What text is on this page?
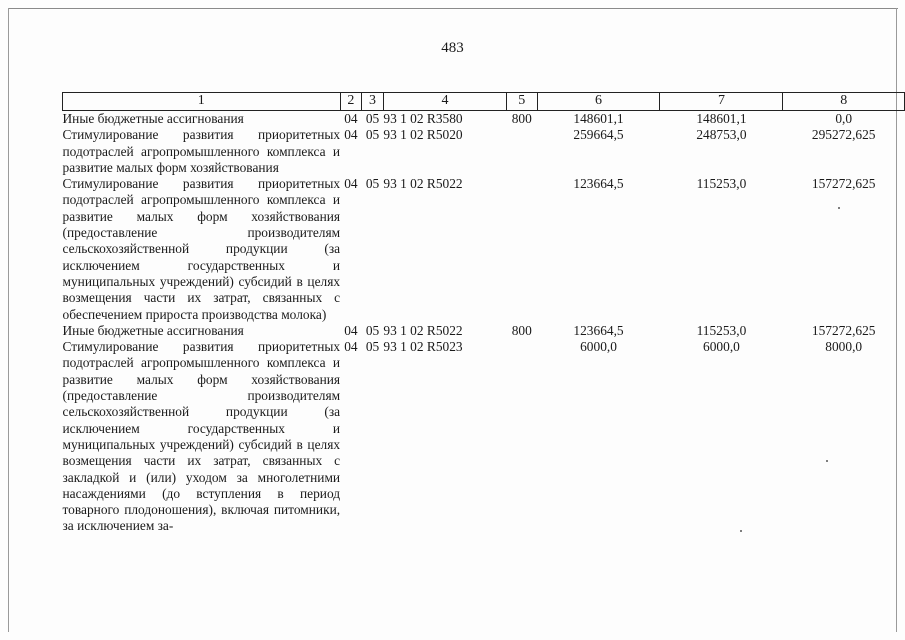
483
1	2	3	4	5	6	7	8
Иные бюджетные ассигнования	04	05	93 1 02 R3580	800	148601,1	148601,1	0,0
Стимулирование развития приоритетных подотраслей агропромышленного комплекса и развитие малых форм хозяйствования	04	05	93 1 02 R5020		259664,5	248753,0	295272,625
Стимулирование развития приоритетных подотраслей агропромышленного комплекса и развитие малых форм хозяйствования (предоставление производителям сельскохозяйственной продукции (за исключением государственных и муниципальных учреждений) субсидий в целях возмещения части их затрат, связанных с обеспечением прироста производства молока)	04	05	93 1 02 R5022		123664,5	115253,0	157272,625
Иные бюджетные ассигнования	04	05	93 1 02 R5022	800	123664,5	115253,0	157272,625
Стимулирование развития приоритетных подотраслей агропромышленного комплекса и развитие малых форм хозяйствования (предоставление производителям сельскохозяйственной продукции (за исключением государственных и муниципальных учреждений) субсидий в целях возмещения части их затрат, связанных с закладкой и (или) уходом за многолетними насаждениями (до вступления в период товарного плодоношения), включая питомники, за исключением за-	04	05	93 1 02 R5023		6000,0	6000,0	8000,0
